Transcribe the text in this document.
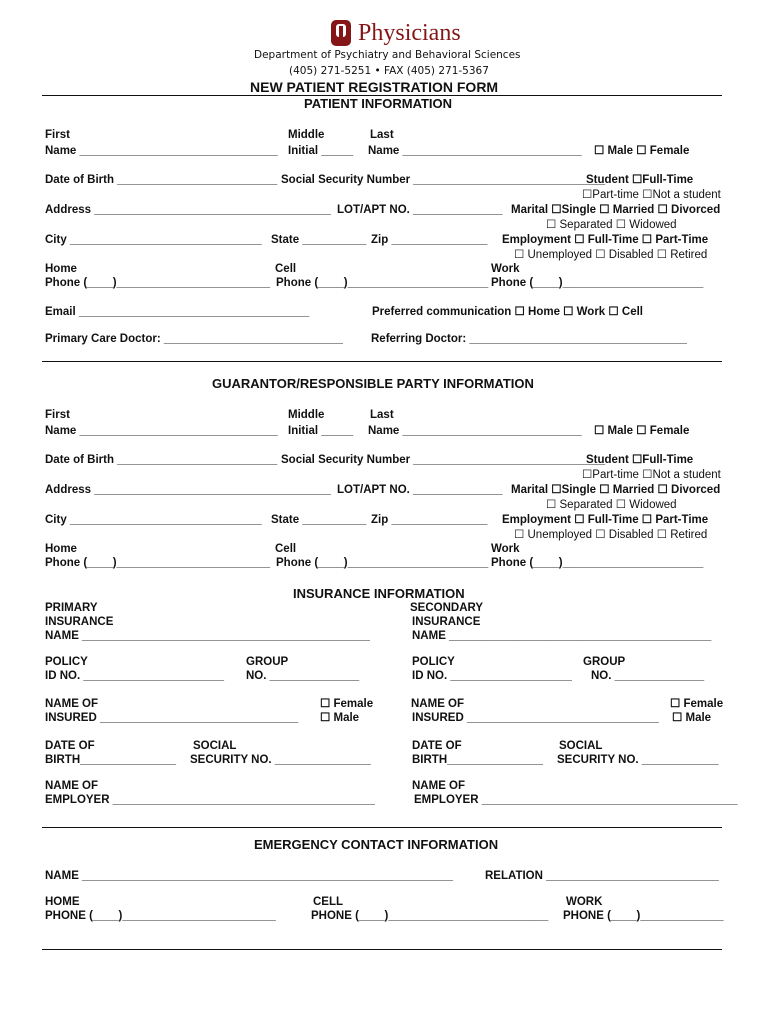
Physicians
Department of Psychiatry and Behavioral Sciences
(405) 271-5251 • FAX (405) 271-5367
NEW PATIENT REGISTRATION FORM
PATIENT INFORMATION
First
Name _______________________________
Middle
Initial _____
Last
Name ____________________________ ☐ Male ☐ Female
Date of Birth _________________________ Social Security Number ______________________________
Student ☐Full-Time
☐Part-time ☐Not a student
Address _____________________________________ LOT/APT NO. ______________ Marital ☐Single ☐ Married ☐ Divorced
☐ Separated ☐ Widowed
City ______________________________ State __________ Zip _______________ Employment ☐ Full-Time ☐ Part-Time
☐ Unemployed ☐ Disabled ☐ Retired
Home
Phone (____)________________________
Cell
Phone (____)______________________
Work
Phone (____)______________________
Email ____________________________________	Preferred communication ☐ Home ☐ Work ☐ Cell
Primary Care Doctor: ____________________________ Referring Doctor: __________________________________
GUARANTOR/RESPONSIBLE PARTY INFORMATION
First
Name _______________________________
Middle
Initial _____
Last
Name ____________________________ ☐ Male ☐ Female
Date of Birth _________________________ Social Security Number ______________________________
Student ☐Full-Time
☐Part-time ☐Not a student
Address _____________________________________ LOT/APT NO. ______________ Marital ☐Single ☐ Married ☐ Divorced
☐ Separated ☐ Widowed
City ______________________________ State __________ Zip _______________ Employment ☐ Full-Time ☐ Part-Time
☐ Unemployed ☐ Disabled ☐ Retired
Home
Phone (____)________________________
Cell
Phone (____)______________________
Work
Phone (____)______________________
INSURANCE INFORMATION
PRIMARY
INSURANCE
NAME _____________________________________________
SECONDARY
INSURANCE
NAME _________________________________________
POLICY
ID NO. ______________________
GROUP
NO. ______________
POLICY
ID NO. ___________________
GROUP
NO. ______________
NAME OF
INSURED _______________________________
☐ Female
☐ Male
NAME OF
INSURED ______________________________
☐ Female
☐ Male
DATE OF
BIRTH_______________
SOCIAL
SECURITY NO. _______________
DATE OF
BIRTH_______________
SOCIAL
SECURITY NO. ____________
NAME OF
EMPLOYER _________________________________________
NAME OF
EMPLOYER ________________________________________
EMERGENCY CONTACT INFORMATION
NAME __________________________________________________________	RELATION ___________________________
HOME
PHONE (____)________________________
CELL
PHONE (____)_________________________
WORK
PHONE (____)_____________
